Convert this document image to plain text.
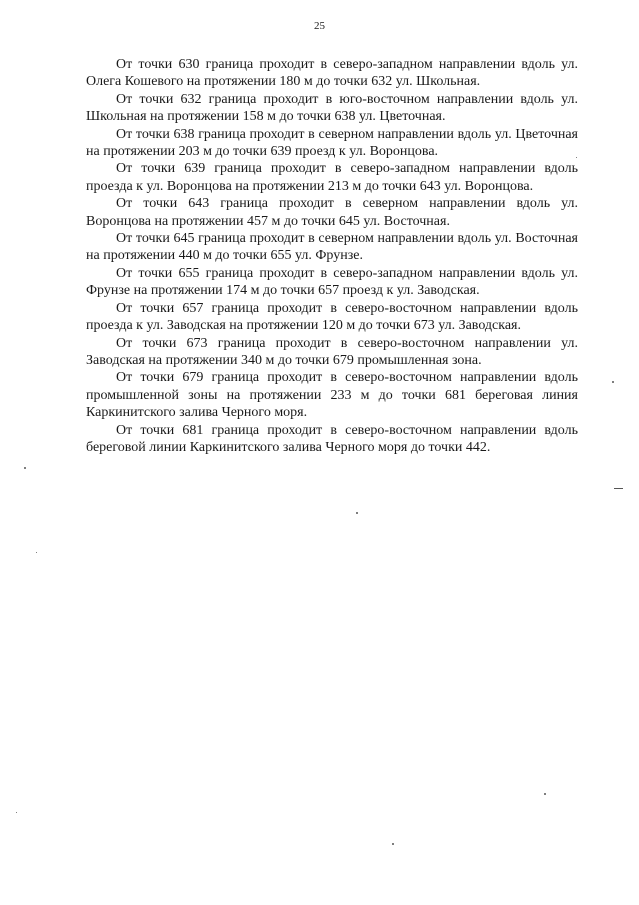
25

От точки 630 граница проходит в северо-западном направлении вдоль ул. Олега Кошевого на протяжении 180 м до точки 632 ул. Школьная.

От точки 632 граница проходит в юго-восточном направлении вдоль ул. Школьная на протяжении 158 м до точки 638 ул. Цветочная.

От точки 638 граница проходит в северном направлении вдоль ул. Цветочная на протяжении 203 м до точки 639 проезд к ул. Воронцова.

От точки 639 граница проходит в северо-западном направлении вдоль проезда к ул. Воронцова на протяжении 213 м до точки 643 ул. Воронцова.

От точки 643 граница проходит в северном направлении вдоль ул. Воронцова на протяжении 457 м до точки 645 ул. Восточная.

От точки 645 граница проходит в северном направлении вдоль ул. Восточная на протяжении 440 м до точки 655 ул. Фрунзе.

От точки 655 граница проходит в северо-западном направлении вдоль ул. Фрунзе на протяжении 174 м до точки 657 проезд к ул. Заводская.

От точки 657 граница проходит в северо-восточном направлении вдоль проезда к ул. Заводская на протяжении 120 м до точки 673 ул. Заводская.

От точки 673 граница проходит в северо-восточном направлении ул. Заводская на протяжении 340 м до точки 679 промышленная зона.

От точки 679 граница проходит в северо-восточном направлении вдоль промышленной зоны на протяжении 233 м до точки 681 береговая линия Каркинитского залива Черного моря.

От точки 681 граница проходит в северо-восточном направлении вдоль береговой линии Каркинитского залива Черного моря до точки 442.
